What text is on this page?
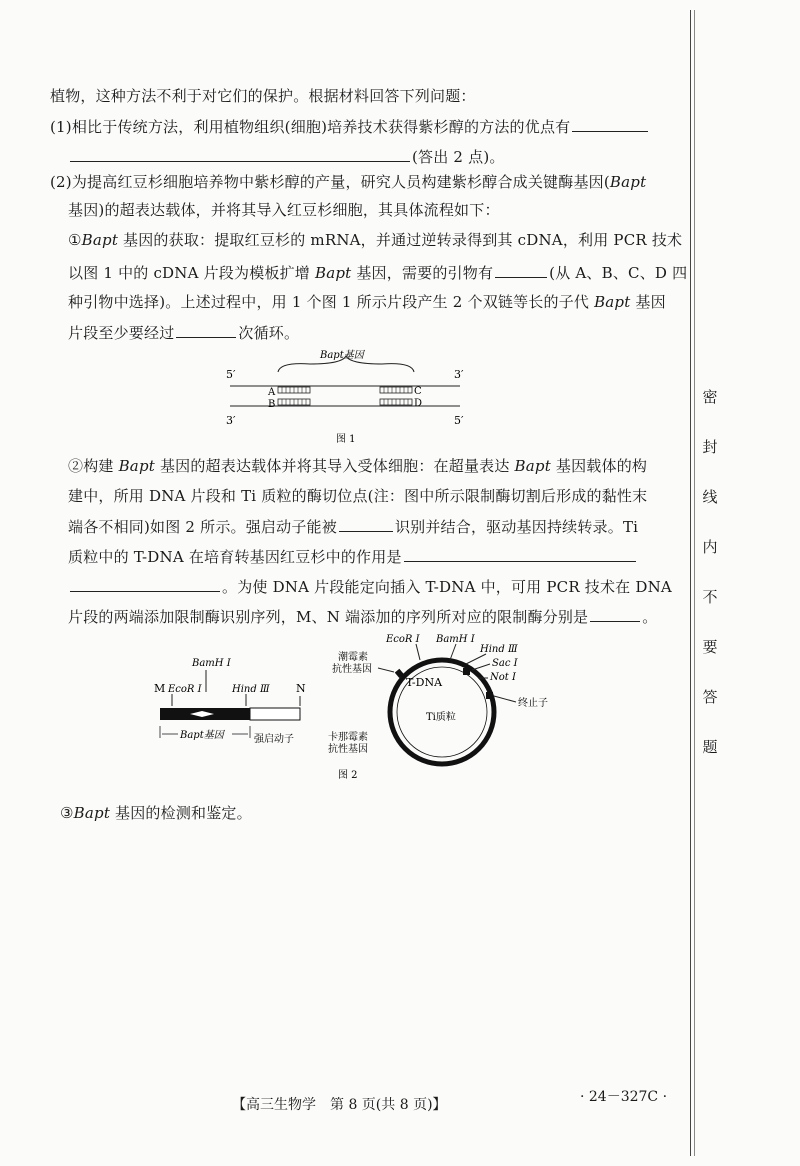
植物，这种方法不利于对它们的保护。根据材料回答下列问题：
(1)相比于传统方法，利用植物组织(细胞)培养技术获得紫杉醇的方法的优点有
(答出 2 点)。
(2)为提高红豆杉细胞培养物中紫杉醇的产量，研究人员构建紫杉醇合成关键酶基因(Bapt
基因)的超表达载体，并将其导入红豆杉细胞，其具体流程如下：
①Bapt 基因的获取：提取红豆杉的 mRNA，并通过逆转录得到其 cDNA，利用 PCR 技术
以图 1 中的 cDNA 片段为模板扩增 Bapt 基因，需要的引物有	(从 A、B、C、D 四
种引物中选择)。上述过程中，用 1 个图 1 所示片段产生 2 个双链等长的子代 Bapt 基因
片段至少要经过	次循环。
Bapt基因
5′	3′
A
B
C
D
3′	5′
图 1
②构建 Bapt 基因的超表达载体并将其导入受体细胞：在超量表达 Bapt 基因载体的构
建中，所用 DNA 片段和 Ti 质粒的酶切位点(注：图中所示限制酶切割后形成的黏性末
端各不相同)如图 2 所示。强启动子能被	识别并结合，驱动基因持续转录。Ti
质粒中的 T-DNA 在培育转基因红豆杉中的作用是
。为使 DNA 片段能定向插入 T-DNA 中，可用 PCR 技术在 DNA
片段的两端添加限制酶识别序列，M、N 端添加的序列所对应的限制酶分别是	。
BamH Ⅰ
M EcoR Ⅰ	Hind Ⅲ N
Bapt基因	强启动子
EcoR Ⅰ BamH Ⅰ
Hind Ⅲ
Sac Ⅰ
Not Ⅰ
潮霉素
抗性基因
T-DNA
Ti质粒
终止子
卡那霉素
抗性基因
图 2
③Bapt 基因的检测和鉴定。
密
封
线
内
不
要
答
题
【高三生物学　第 8 页(共 8 页)】	· 24－327C ·
